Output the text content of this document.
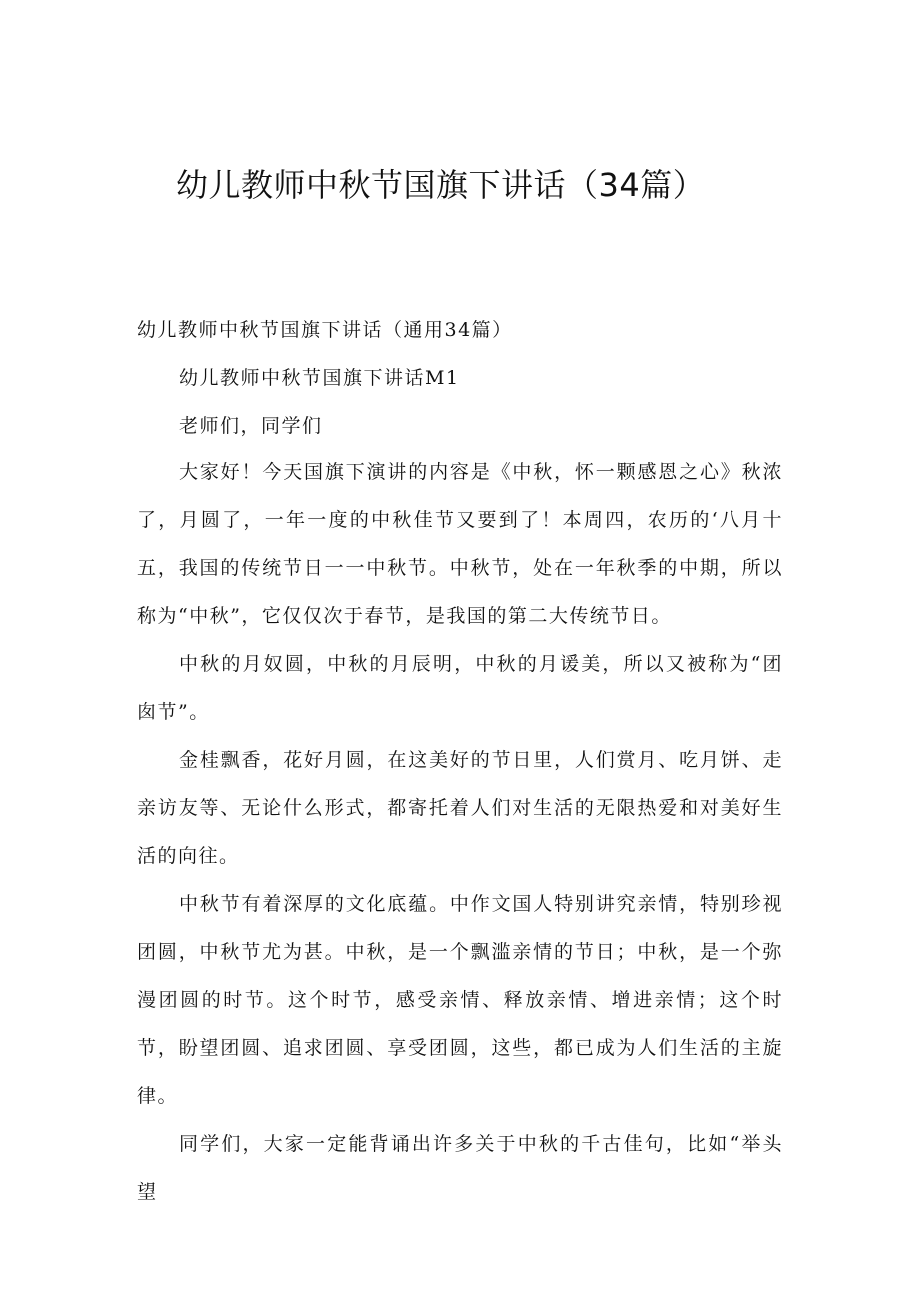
幼儿教师中秋节国旗下讲话（34篇）

幼儿教师中秋节国旗下讲话（通用34篇）

幼儿教师中秋节国旗下讲话M1

老师们，同学们

大家好！今天国旗下演讲的内容是《中秋，怀一颗感恩之心》秋浓了，月圆了，一年一度的中秋佳节又要到了！本周四，农历的‘八月十五，我国的传统节日一一中秋节。中秋节，处在一年秋季的中期，所以称为“中秋”，它仅仅次于春节，是我国的第二大传统节日。

中秋的月奴圆，中秋的月辰明，中秋的月谖美，所以又被称为“团囱节”。

金桂飘香，花好月圆，在这美好的节日里，人们赏月、吃月饼、走亲访友等、无论什么形式，都寄托着人们对生活的无限热爱和对美好生活的向往。

中秋节有着深厚的文化底蕴。中作文国人特别讲究亲情，特别珍视团圆，中秋节尤为甚。中秋，是一个飘滥亲情的节日；中秋，是一个弥漫团圆的时节。这个时节，感受亲情、释放亲情、增进亲情；这个时节，盼望团圆、追求团圆、享受团圆，这些，都已成为人们生活的主旋律。

同学们，大家一定能背诵出许多关于中秋的千古佳句，比如“举头望
